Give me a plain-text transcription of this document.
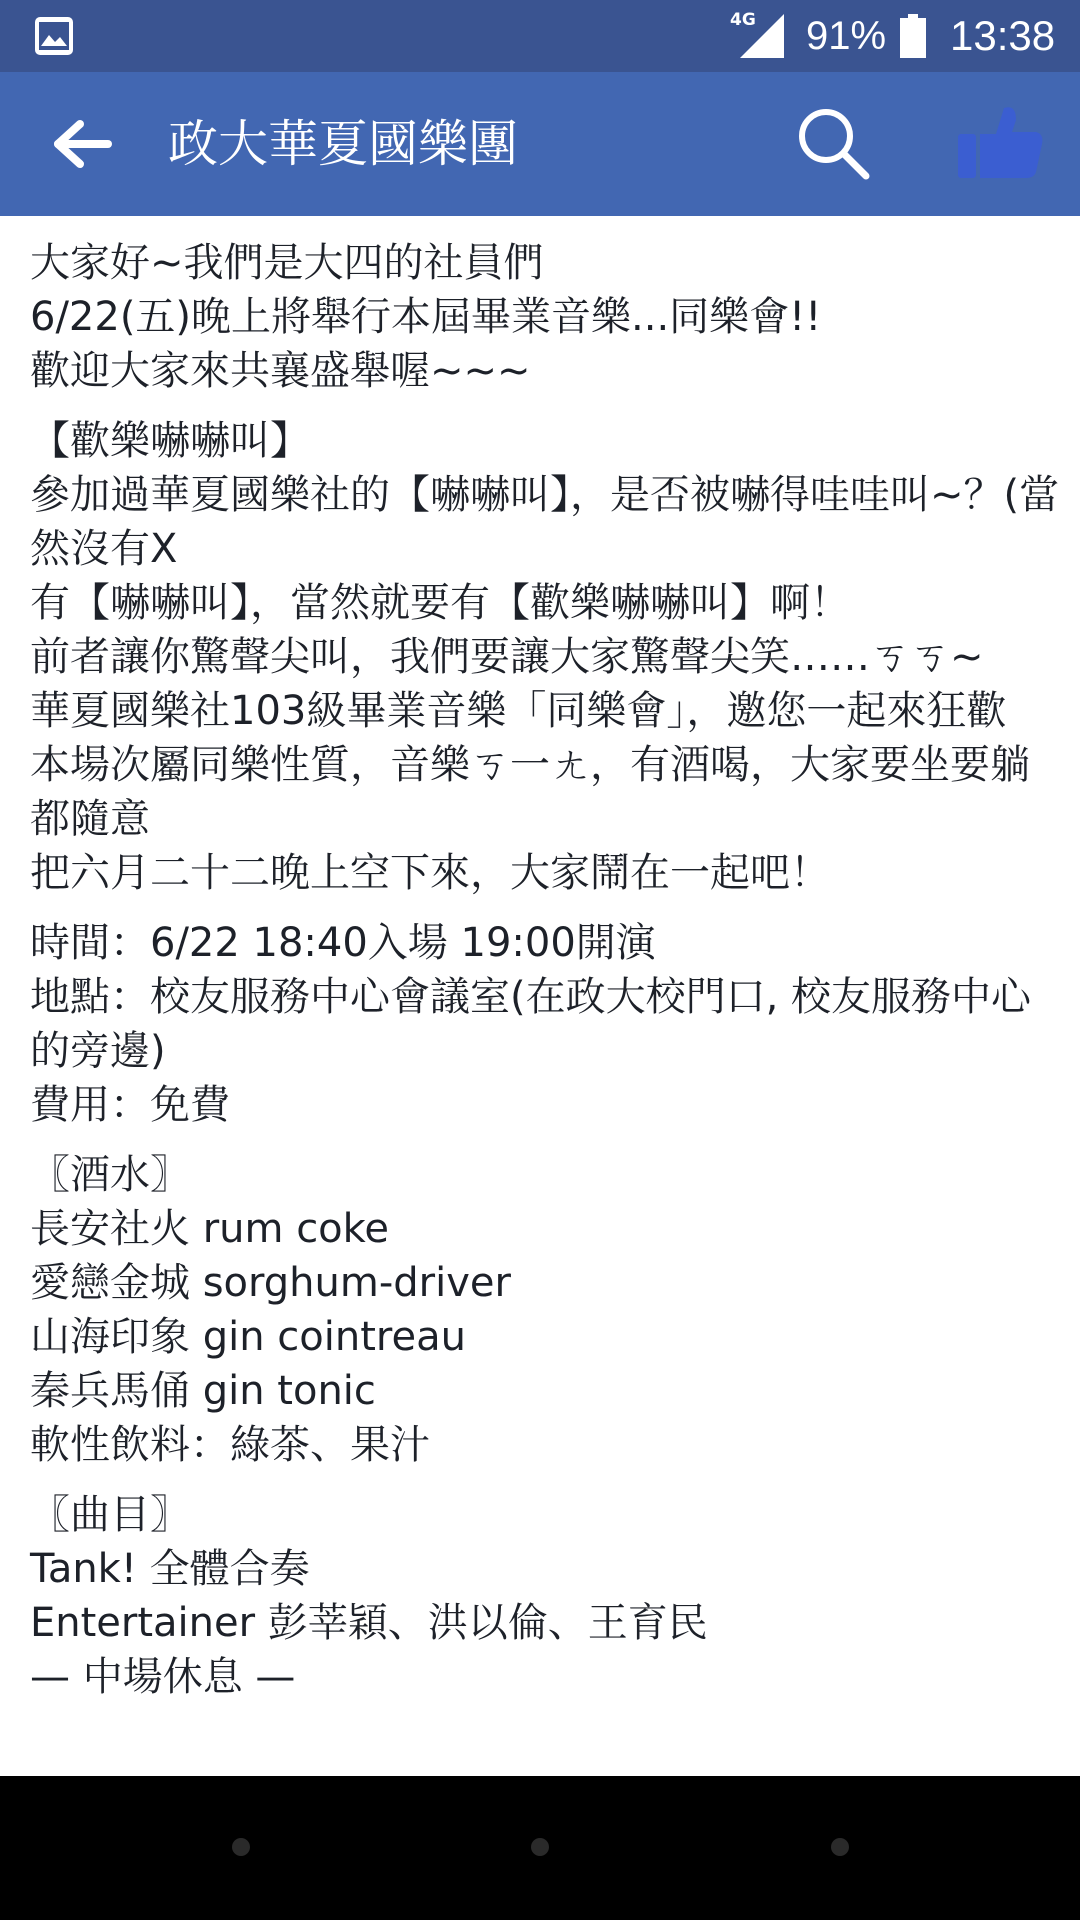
4G 91% 13:38
政大華夏國樂團
大家好~我們是大四的社員們
6/22(五)晚上將舉行本屆畢業音樂...同樂會!!
歡迎大家來共襄盛舉喔~~~
【歡樂嚇嚇叫】
參加過華夏國樂社的【嚇嚇叫】，是否被嚇得哇哇叫~？(當然沒有X
有【嚇嚇叫】，當然就要有【歡樂嚇嚇叫】啊！
前者讓你驚聲尖叫，我們要讓大家驚聲尖笑……ㄎㄎ~
華夏國樂社103級畢業音樂「同樂會」，邀您一起來狂歡
本場次屬同樂性質，音樂ㄎ一ㄤ，有酒喝，大家要坐要躺都隨意
把六月二十二晚上空下來，大家鬧在一起吧！
時間：6/22 18:40入場 19:00開演
地點：校友服務中心會議室(在政大校門口, 校友服務中心的旁邊)
費用：免費
〖酒水〗
長安社火 rum coke
愛戀金城 sorghum-driver
山海印象 gin cointreau
秦兵馬俑 gin tonic
軟性飲料：綠茶、果汁
〖曲目〗
Tank! 全體合奏
Entertainer 彭莘穎、洪以倫、王育民
— 中場休息 —
